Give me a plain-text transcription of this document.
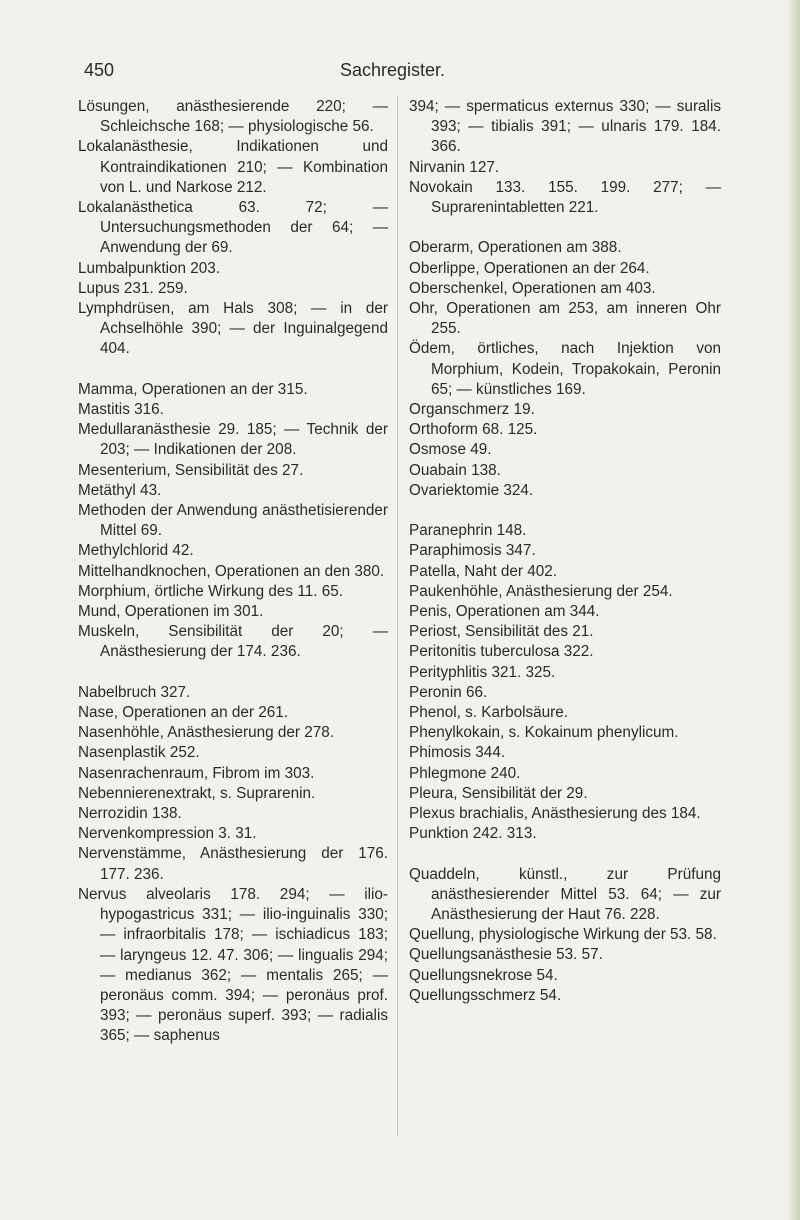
450	Sachregister.
Lösungen, anästhesierende 220; — Schleichsche 168; — physiologische 56.
Lokalanästhesie, Indikationen und Kontraindikationen 210; — Kombination von L. und Narkose 212.
Lokalanästhetica 63. 72; — Untersuchungsmethoden der 64; — Anwendung der 69.
Lumbalpunktion 203.
Lupus 231. 259.
Lymphdrüsen, am Hals 308; — in der Achselhöhle 390; — der Inguinalgegend 404.
Mamma, Operationen an der 315.
Mastitis 316.
Medullaranästhesie 29. 185; — Technik der 203; — Indikationen der 208.
Mesenterium, Sensibilität des 27.
Metäthyl 43.
Methoden der Anwendung anästhetisierender Mittel 69.
Methylchlorid 42.
Mittelhandknochen, Operationen an den 380.
Morphium, örtliche Wirkung des 11. 65.
Mund, Operationen im 301.
Muskeln, Sensibilität der 20; — Anästhesierung der 174. 236.
Nabelbruch 327.
Nase, Operationen an der 261.
Nasenhöhle, Anästhesierung der 278.
Nasenplastik 252.
Nasenrachenraum, Fibrom im 303.
Nebennierenextrakt, s. Suprarenin.
Nerrozidin 138.
Nervenkompression 3. 31.
Nervenstämme, Anästhesierung der 176. 177. 236.
Nervus alveolaris 178. 294; — ilio-hypogastricus 331; — ilio-inguinalis 330; — infraorbitalis 178; — ischiadicus 183; — laryngeus 12. 47. 306; — lingualis 294; — medianus 362; — mentalis 265; — peronäus comm. 394; — peronäus prof. 393; — peronäus superf. 393; — radialis 365; — saphenus
394; — spermaticus externus 330; — suralis 393; — tibialis 391; — ulnaris 179. 184. 366.
Nirvanin 127.
Novokain 133. 155. 199. 277; — Suprarenintabletten 221.
Oberarm, Operationen am 388.
Oberlippe, Operationen an der 264.
Oberschenkel, Operationen am 403.
Ohr, Operationen am 253, am inneren Ohr 255.
Ödem, örtliches, nach Injektion von Morphium, Kodein, Tropakokain, Peronin 65; — künstliches 169.
Organschmerz 19.
Orthoform 68. 125.
Osmose 49.
Ouabain 138.
Ovariektomie 324.
Paranephrin 148.
Paraphimosis 347.
Patella, Naht der 402.
Paukenhöhle, Anästhesierung der 254.
Penis, Operationen am 344.
Periost, Sensibilität des 21.
Peritonitis tuberculosa 322.
Perityphlitis 321. 325.
Peronin 66.
Phenol, s. Karbolsäure.
Phenylkokain, s. Kokainum phenylicum.
Phimosis 344.
Phlegmone 240.
Pleura, Sensibilität der 29.
Plexus brachialis, Anästhesierung des 184.
Punktion 242. 313.
Quaddeln, künstl., zur Prüfung anästhesierender Mittel 53. 64; — zur Anästhesierung der Haut 76. 228.
Quellung, physiologische Wirkung der 53. 58.
Quellungsanästhesie 53. 57.
Quellungsnekrose 54.
Quellungsschmerz 54.
